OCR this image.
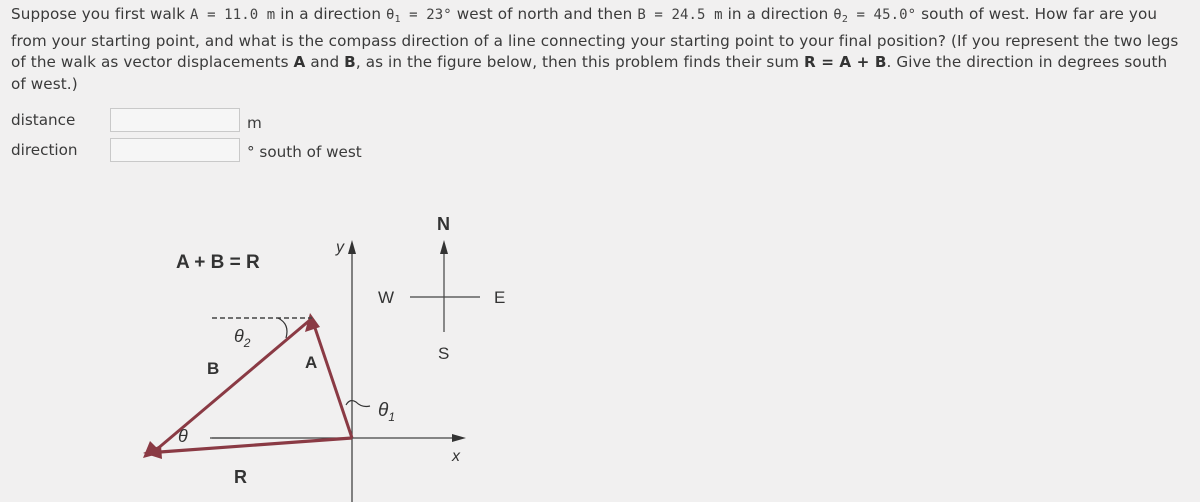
Suppose you first walk A = 11.0 m in a direction $\theta_1 = 23^\circ$ west of north and then B = 24.5 m in a direction $\theta_2 = 45.0^\circ$ south of west. How far are you from your starting point, and what is the compass direction of a line connecting your starting point to your final position? (If you represent the two legs of the walk as vector displacements A and B, as in the figure below, then this problem finds their sum R = A + B. Give the direction in degrees south of west.)
distance	m
direction	° south of west
A + B = R
y
x
$\theta_1$
A
$\theta_2$
B
R
θ
N
S
W	E
